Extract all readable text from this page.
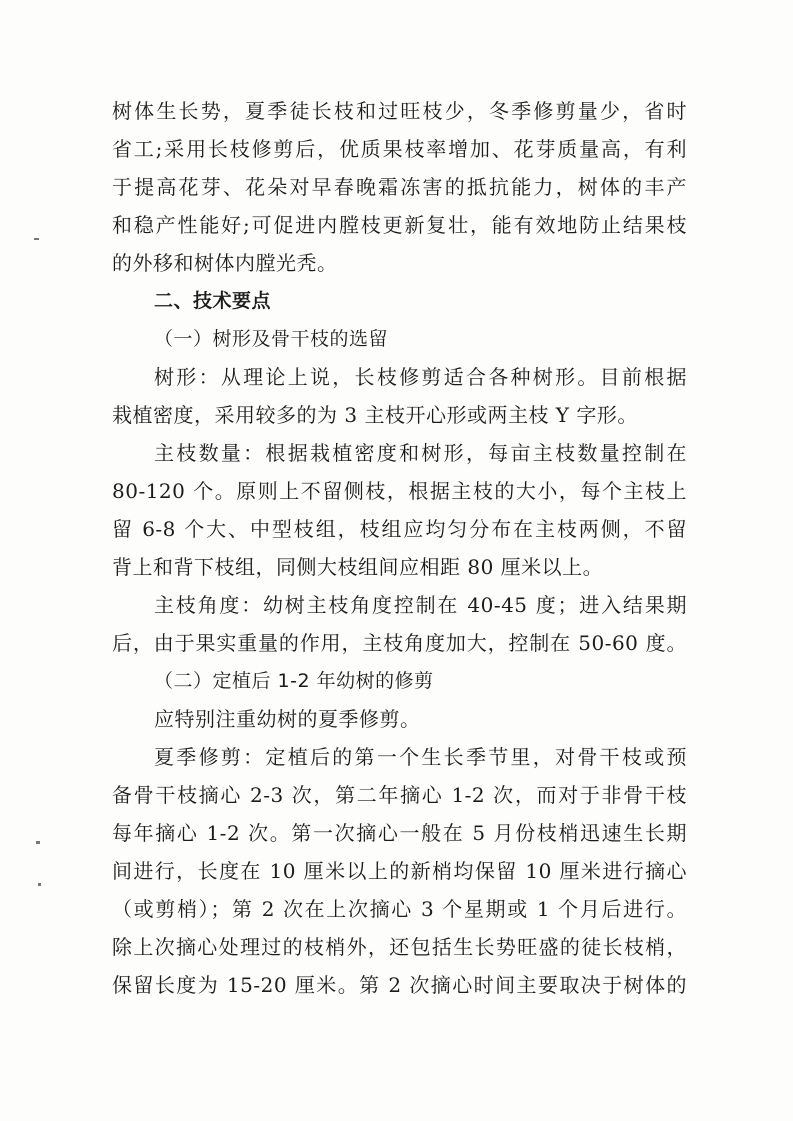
树体生长势，夏季徒长枝和过旺枝少，冬季修剪量少，省时
省工;采用长枝修剪后，优质果枝率增加、花芽质量高，有利
于提高花芽、花朵对早春晚霜冻害的抵抗能力，树体的丰产
和稳产性能好;可促进内膛枝更新复壮，能有效地防止结果枝
的外移和树体内膛光秃。
二、技术要点
（一）树形及骨干枝的选留
树形：从理论上说，长枝修剪适合各种树形。目前根据
栽植密度，采用较多的为 3 主枝开心形或两主枝 Y 字形。
主枝数量：根据栽植密度和树形，每亩主枝数量控制在
80-120 个。原则上不留侧枝，根据主枝的大小，每个主枝上
留 6-8 个大、中型枝组，枝组应均匀分布在主枝两侧，不留
背上和背下枝组，同侧大枝组间应相距 80 厘米以上。
主枝角度：幼树主枝角度控制在 40-45 度；进入结果期
后，由于果实重量的作用，主枝角度加大，控制在 50-60 度。
（二）定植后 1-2 年幼树的修剪
应特别注重幼树的夏季修剪。
夏季修剪：定植后的第一个生长季节里，对骨干枝或预
备骨干枝摘心 2-3 次，第二年摘心 1-2 次，而对于非骨干枝
每年摘心 1-2 次。第一次摘心一般在 5 月份枝梢迅速生长期
间进行，长度在 10 厘米以上的新梢均保留 10 厘米进行摘心
（或剪梢）；第 2 次在上次摘心 3 个星期或 1 个月后进行。
除上次摘心处理过的枝梢外，还包括生长势旺盛的徒长枝梢，
保留长度为 15-20 厘米。第 2 次摘心时间主要取决于树体的
